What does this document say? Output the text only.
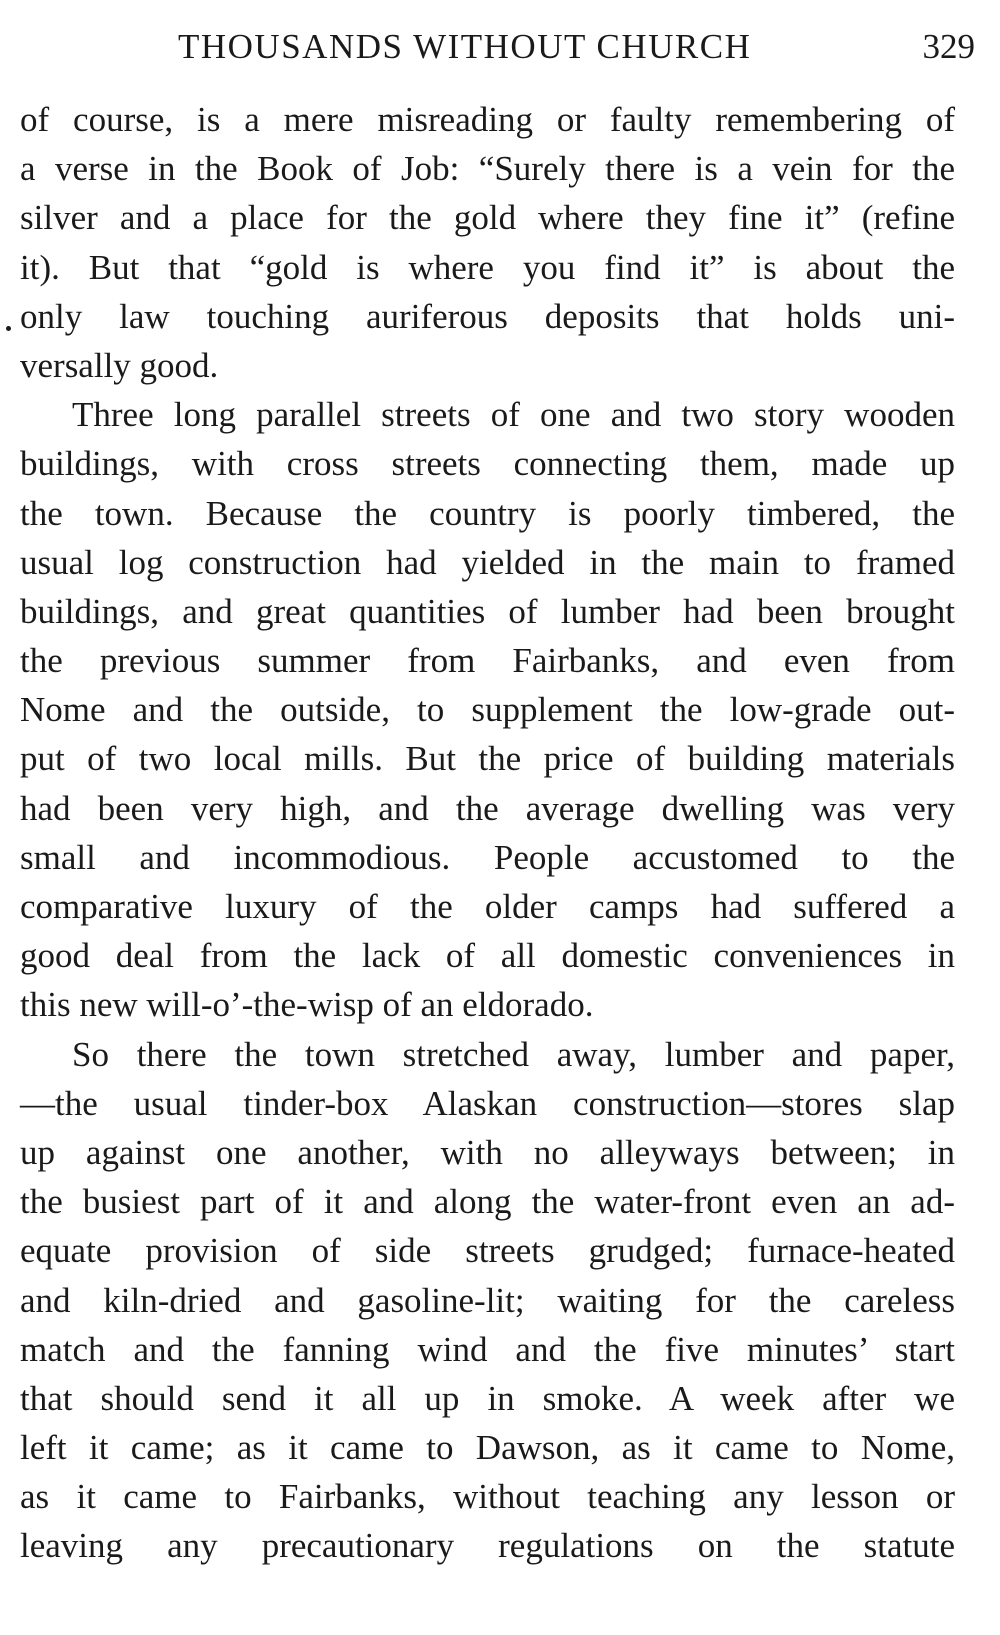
THOUSANDS WITHOUT CHURCH	329
of course, is a mere misreading or faulty remembering of
a verse in the Book of Job: “Surely there is a vein for the
silver and a place for the gold where they fine it” (refine
it). But that “gold is where you find it” is about the
only law touching auriferous deposits that holds uni-
versally good.
Three long parallel streets of one and two story wooden
buildings, with cross streets connecting them, made up
the town. Because the country is poorly timbered, the
usual log construction had yielded in the main to framed
buildings, and great quantities of lumber had been brought
the previous summer from Fairbanks, and even from
Nome and the outside, to supplement the low-grade out-
put of two local mills. But the price of building materials
had been very high, and the average dwelling was very
small and incommodious. People accustomed to the
comparative luxury of the older camps had suffered a
good deal from the lack of all domestic conveniences in
this new will-o’-the-wisp of an eldorado.
So there the town stretched away, lumber and paper,
—the usual tinder-box Alaskan construction—stores slap
up against one another, with no alleyways between; in
the busiest part of it and along the water-front even an ad-
equate provision of side streets grudged; furnace-heated
and kiln-dried and gasoline-lit; waiting for the careless
match and the fanning wind and the five minutes’ start
that should send it all up in smoke. A week after we
left it came; as it came to Dawson, as it came to Nome,
as it came to Fairbanks, without teaching any lesson or
leaving any precautionary regulations on the statute
